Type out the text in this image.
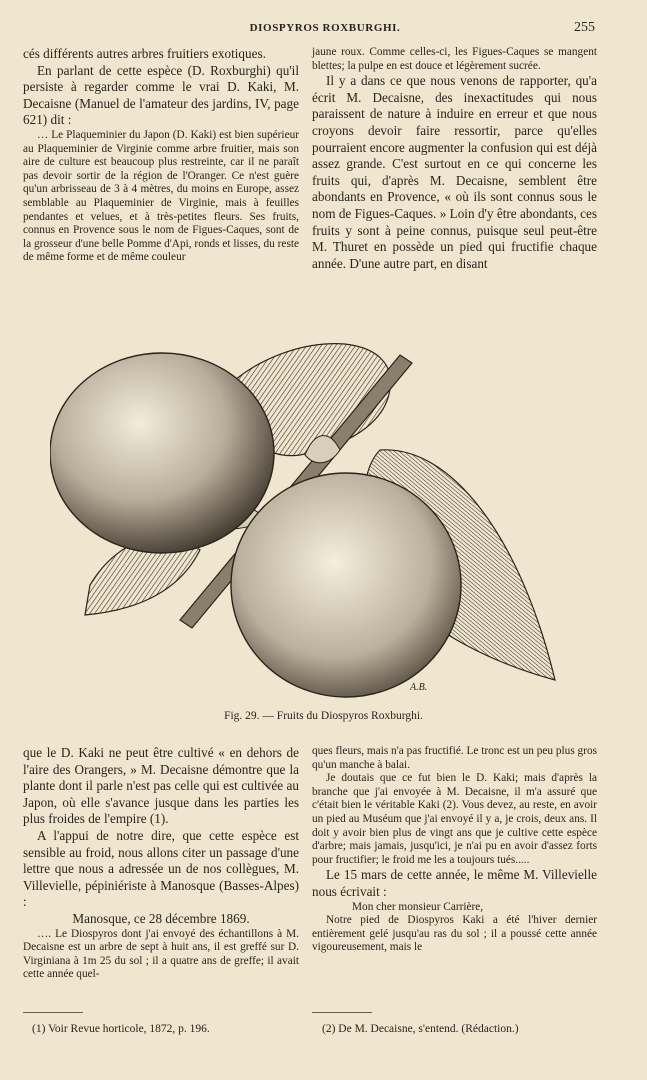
DIOSPYROS ROXBURGHI.	255

cés différents autres arbres fruitiers exotiques.

En parlant de cette espèce (D. Roxburghi) qu'il persiste à regarder comme le vrai D. Kaki, M. Decaisne (Manuel de l'amateur des jardins, IV, page 621) dit :

… Le Plaqueminier du Japon (D. Kaki) est bien supérieur au Plaqueminier de Virginie comme arbre fruitier, mais son aire de culture est beaucoup plus restreinte, car il ne paraît pas devoir sortir de la région de l'Oranger. Ce n'est guère qu'un arbrisseau de 3 à 4 mètres, du moins en Europe, assez semblable au Plaqueminier de Virginie, mais à feuilles pendantes et velues, et à très-petites fleurs. Ses fruits, connus en Provence sous le nom de Figues-Caques, sont de la grosseur d'une belle Pomme d'Api, ronds et lisses, du reste de même forme et de même couleur

jaune roux. Comme celles-ci, les Figues-Caques se mangent blettes; la pulpe en est douce et légèrement sucrée.

Il y a dans ce que nous venons de rapporter, qu'a écrit M. Decaisne, des inexactitudes qui nous paraissent de nature à induire en erreur et que nous croyons devoir faire ressortir, parce qu'elles pourraient encore augmenter la confusion qui est déjà assez grande. C'est surtout en ce qui concerne les fruits qui, d'après M. Decaisne, semblent être abondants en Provence, « où ils sont connus sous le nom de Figues-Caques. » Loin d'y être abondants, ces fruits y sont à peine connus, puisque seul peut-être M. Thuret en possède un pied qui fructifie chaque année. D'une autre part, en disant

A.B.
Fig. 29. — Fruits du Diospyros Roxburghi.

que le D. Kaki ne peut être cultivé « en dehors de l'aire des Orangers, » M. Decaisne démontre que la plante dont il parle n'est pas celle qui est cultivée au Japon, où elle s'avance jusque dans les parties les plus froides de l'empire (1).

A l'appui de notre dire, que cette espèce est sensible au froid, nous allons citer un passage d'une lettre que nous a adressée un de nos collègues, M. Villevielle, pépiniériste à Manosque (Basses-Alpes) :

Manosque, ce 28 décembre 1869.

…. Le Diospyros dont j'ai envoyé des échantillons à M. Decaisne est un arbre de sept à huit ans, il est greffé sur D. Virginiana à 1m 25 du sol ; il a quatre ans de greffe; il avait cette année quel-

ques fleurs, mais n'a pas fructifié. Le tronc est un peu plus gros qu'un manche à balai.

Je doutais que ce fut bien le D. Kaki; mais d'après la branche que j'ai envoyée à M. Decaisne, il m'a assuré que c'était bien le véritable Kaki (2). Vous devez, au reste, en avoir un pied au Muséum que j'ai envoyé il y a, je crois, deux ans. Il doit y avoir bien plus de vingt ans que je cultive cette espèce d'arbre; mais jamais, jusqu'ici, je n'ai pu en avoir d'assez forts pour fructifier; le froid me les a toujours tués.....

Le 15 mars de cette année, le même M. Villevielle nous écrivait :

Mon cher monsieur Carrière,

Notre pied de Diospyros Kaki a été l'hiver dernier entièrement gelé jusqu'au ras du sol ; il a poussé cette année vigoureusement, mais le

(1) Voir Revue horticole, 1872, p. 196.	(2) De M. Decaisne, s'entend. (Rédaction.)
